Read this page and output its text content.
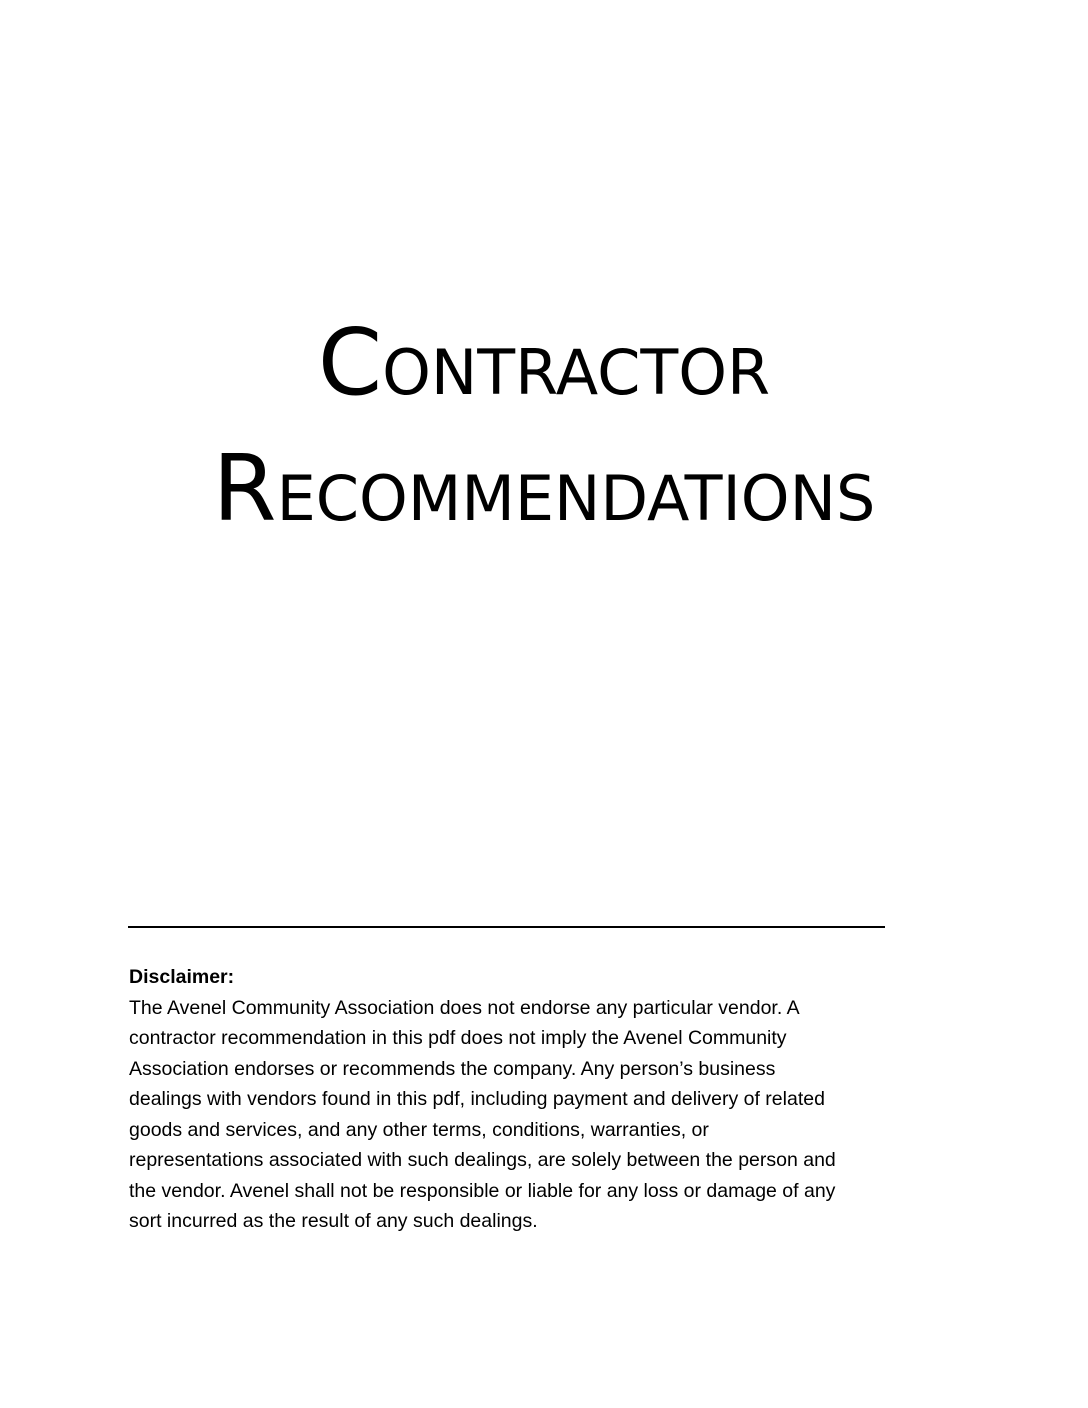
CONTRACTOR
RECOMMENDATIONS
Disclaimer:
The Avenel Community Association does not endorse any particular vendor. A
contractor recommendation in this pdf does not imply the Avenel Community
Association endorses or recommends the company. Any person’s business
dealings with vendors found in this pdf, including payment and delivery of related
goods and services, and any other terms, conditions, warranties, or
representations associated with such dealings, are solely between the person and
the vendor. Avenel shall not be responsible or liable for any loss or damage of any
sort incurred as the result of any such dealings.
